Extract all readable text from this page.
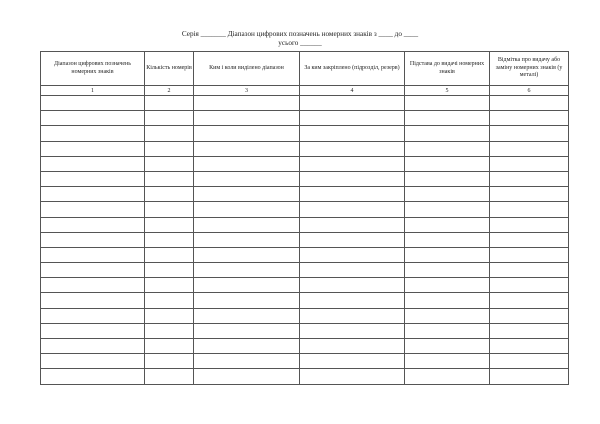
Серія _______ Діапазон цифрових позначень номерних знаків з ____ до ____
усього ______
Діапазон цифрових позначень номерних знаків	Кількість номерів	Ким і коли виділено діапазон	За ким закріплено (підрозділ, резерв)	Підстава до видачі номерних знаків	Відмітка про видачу або заміну номерних знаків (у металі)
1	2	3	4	5	6
